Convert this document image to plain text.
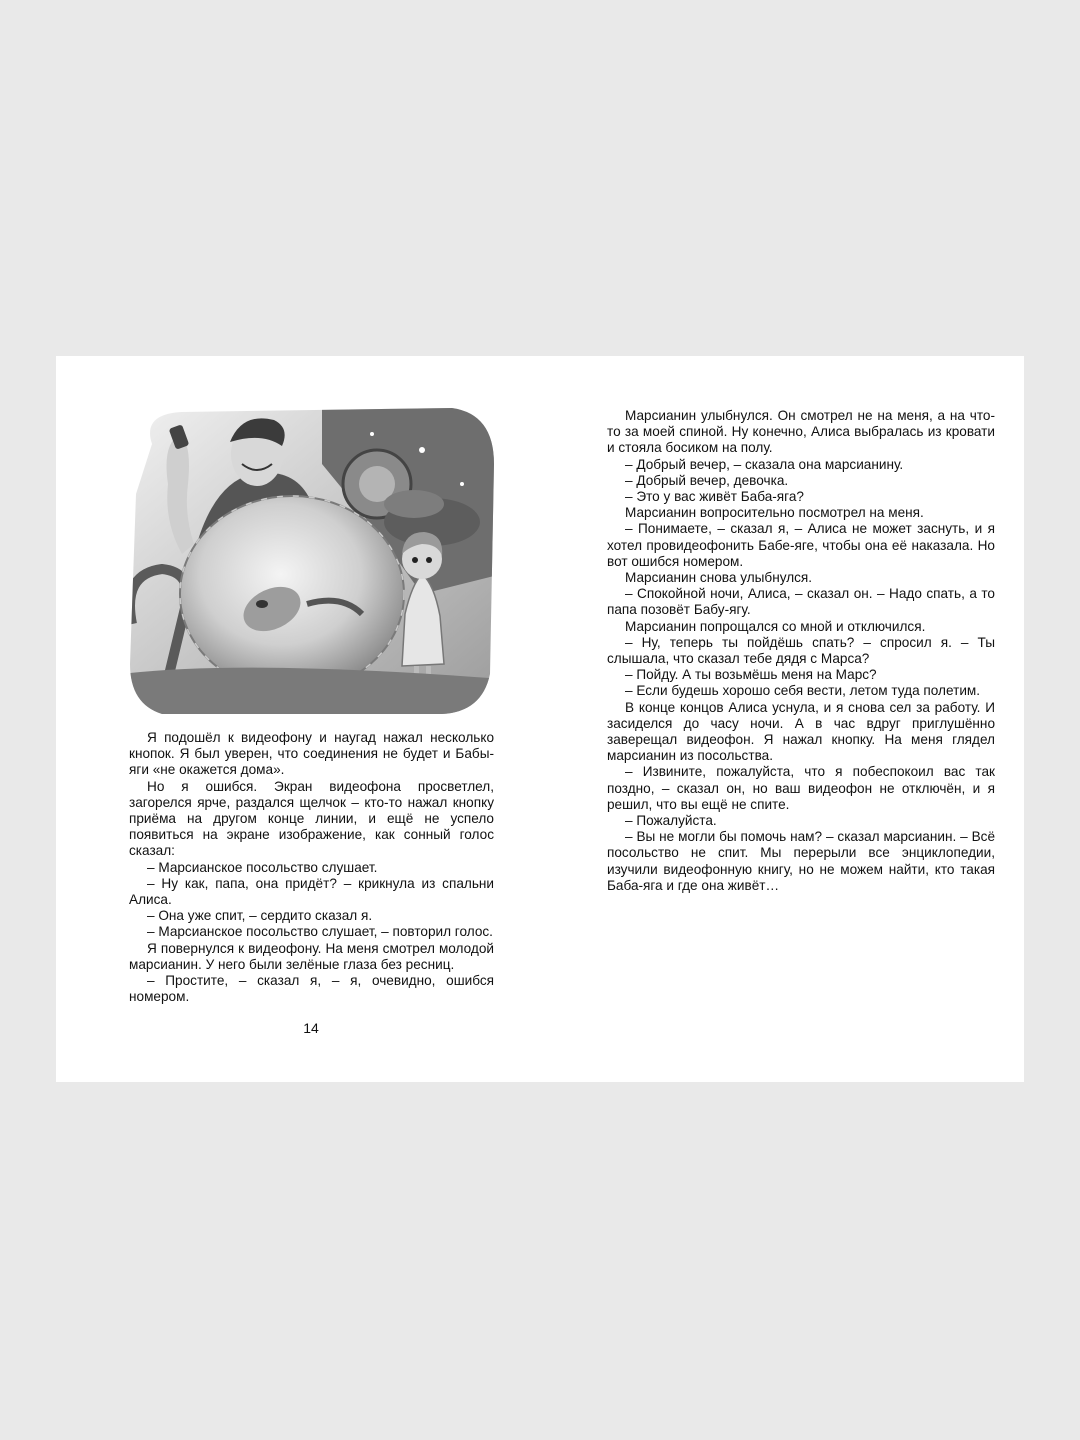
Я подошёл к видеофону и наугад нажал несколько кнопок. Я был уверен, что соединения не будет и Бабы-яги «не окажется дома».

Но я ошибся. Экран видеофона просветлел, загорелся ярче, раздался щелчок – кто-то нажал кнопку приёма на другом конце линии, и ещё не успело появиться на экране изображение, как сонный голос сказал:

– Марсианское посольство слушает.

– Ну как, папа, она придёт? – крикнула из спальни Алиса.

– Она уже спит, – сердито сказал я.

– Марсианское посольство слушает, – повторил голос.

Я повернулся к видеофону. На меня смотрел молодой марсианин. У него были зелёные глаза без ресниц.

– Простите, – сказал я, – я, очевидно, ошибся номером.

14

Марсианин улыбнулся. Он смотрел не на меня, а на что-то за моей спиной. Ну конечно, Алиса выбралась из кровати и стояла босиком на полу.

– Добрый вечер, – сказала она марсианину.

– Добрый вечер, девочка.

– Это у вас живёт Баба-яга?

Марсианин вопросительно посмотрел на меня.

– Понимаете, – сказал я, – Алиса не может заснуть, и я хотел провидеофонить Бабе-яге, чтобы она её наказала. Но вот ошибся номером.

Марсианин снова улыбнулся.

– Спокойной ночи, Алиса, – сказал он. – Надо спать, а то папа позовёт Бабу-ягу.

Марсианин попрощался со мной и отключился.

– Ну, теперь ты пойдёшь спать? – спросил я. – Ты слышала, что сказал тебе дядя с Марса?

– Пойду. А ты возьмёшь меня на Марс?

– Если будешь хорошо себя вести, летом туда полетим.

В конце концов Алиса уснула, и я снова сел за работу. И засиделся до часу ночи. А в час вдруг приглушённо заверещал видеофон. Я нажал кнопку. На меня глядел марсианин из посольства.

– Извините, пожалуйста, что я побеспокоил вас так поздно, – сказал он, но ваш видеофон не отключён, и я решил, что вы ещё не спите.

– Пожалуйста.

– Вы не могли бы помочь нам? – сказал марсианин. – Всё посольство не спит. Мы перерыли все энциклопедии, изучили видеофонную книгу, но не можем найти, кто такая Баба-яга и где она живёт…
